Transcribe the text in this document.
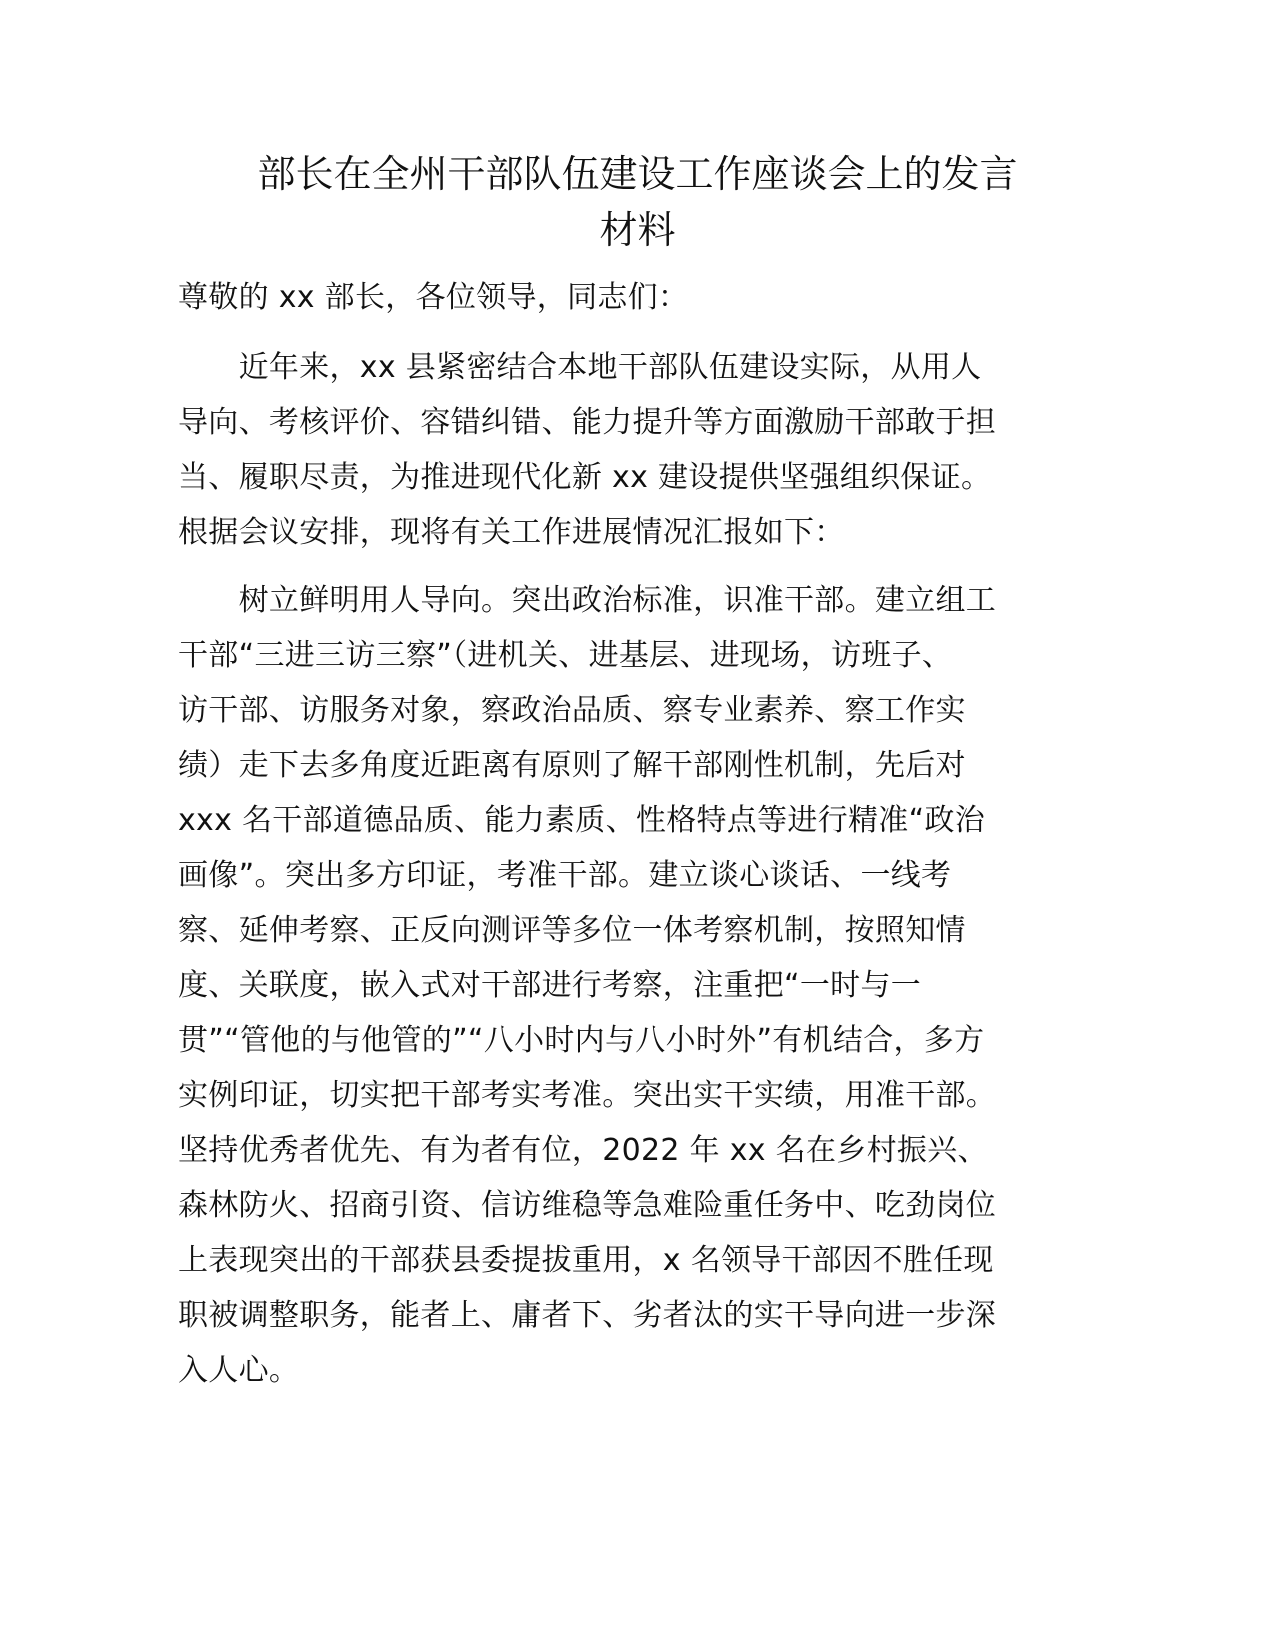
部长在全州干部队伍建设工作座谈会上的发言
材料
尊敬的 xx 部长，各位领导，同志们：
　　近年来，xx 县紧密结合本地干部队伍建设实际，从用人
导向、考核评价、容错纠错、能力提升等方面激励干部敢于担
当、履职尽责，为推进现代化新 xx 建设提供坚强组织保证。
根据会议安排，现将有关工作进展情况汇报如下：
　　树立鲜明用人导向。突出政治标准，识准干部。建立组工
干部“三进三访三察”（进机关、进基层、进现场，访班子、
访干部、访服务对象，察政治品质、察专业素养、察工作实
绩）走下去多角度近距离有原则了解干部刚性机制，先后对
xxx 名干部道德品质、能力素质、性格特点等进行精准“政治
画像”。突出多方印证，考准干部。建立谈心谈话、一线考
察、延伸考察、正反向测评等多位一体考察机制，按照知情
度、关联度，嵌入式对干部进行考察，注重把“一时与一
贯”“管他的与他管的”“八小时内与八小时外”有机结合，多方
实例印证，切实把干部考实考准。突出实干实绩，用准干部。
坚持优秀者优先、有为者有位，2022 年 xx 名在乡村振兴、
森林防火、招商引资、信访维稳等急难险重任务中、吃劲岗位
上表现突出的干部获县委提拔重用，x 名领导干部因不胜任现
职被调整职务，能者上、庸者下、劣者汰的实干导向进一步深
入人心。
